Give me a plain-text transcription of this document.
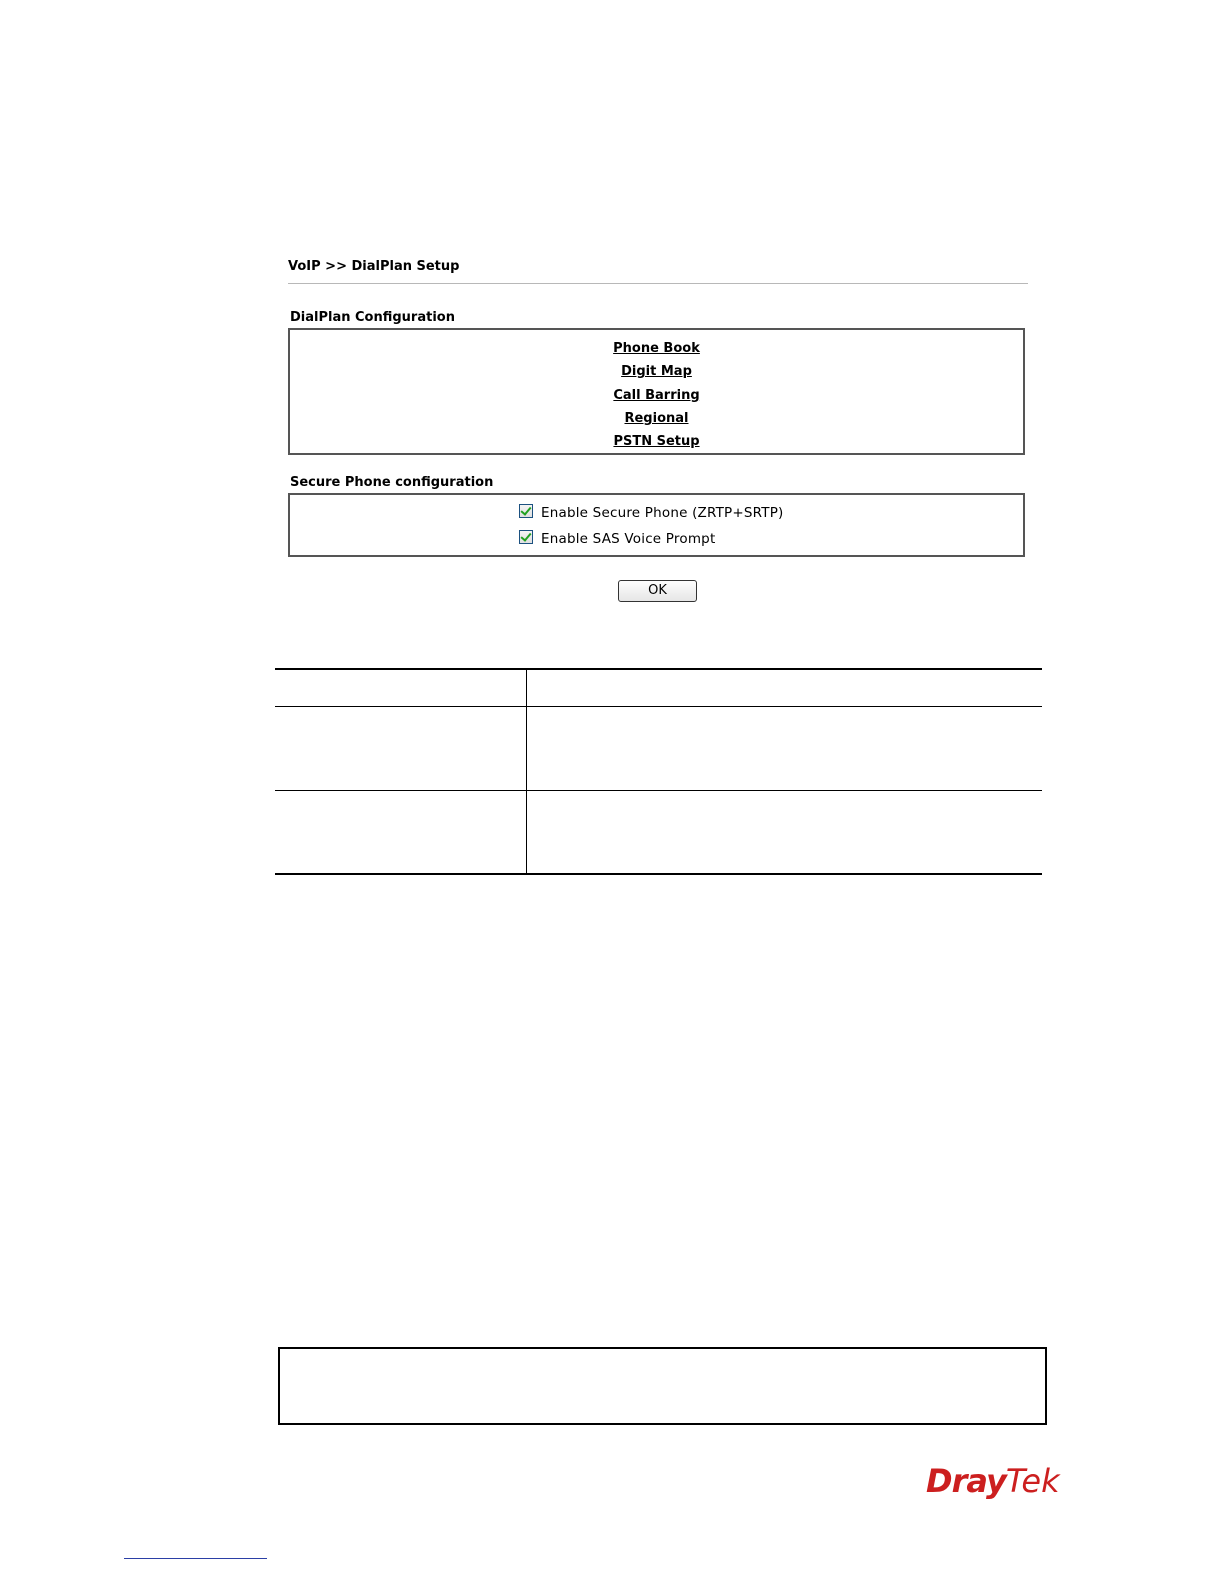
VoIP >> DialPlan Setup
DialPlan Configuration
Phone Book
Digit Map
Call Barring
Regional
PSTN Setup
Secure Phone configuration
Enable Secure Phone (ZRTP+SRTP)
Enable SAS Voice Prompt
OK

DrayTek
